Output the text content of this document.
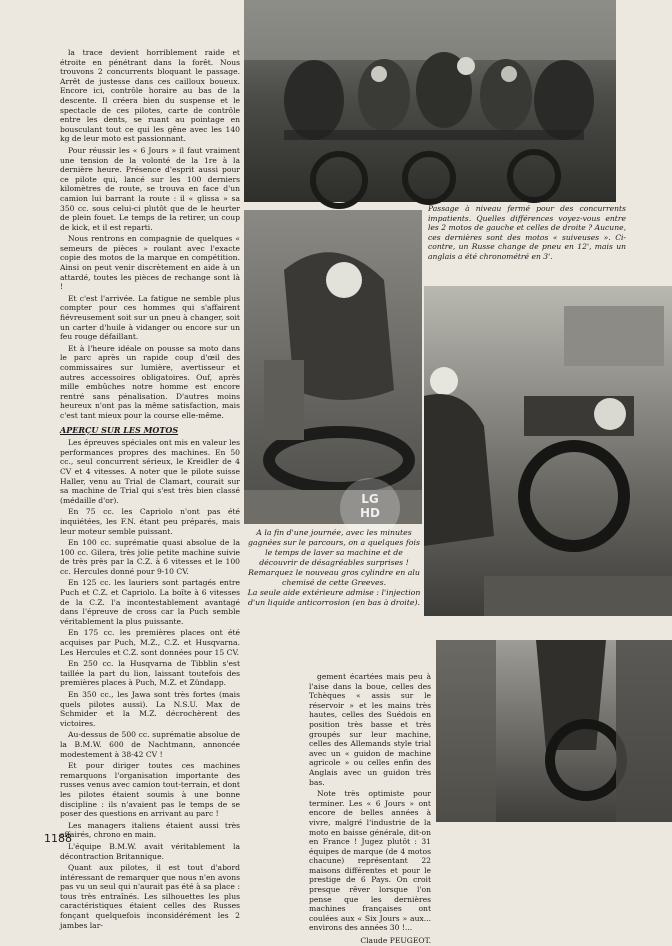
la trace devient horriblement raide et étroite en pénétrant dans la forêt. Nous trouvons 2 concurrents bloquant le passage. Arrêt de justesse dans ces cailloux boueux. Encore ici, contrôle horaire au bas de la descente. Il créera bien du suspense et le spectacle de ces pilotes, carte de contrôle entre les dents, se ruant au pointage en bousculant tout ce qui les gêne avec les 140 kg de leur moto est passionnant.

Pour réussir les « 6 Jours » il faut vraiment une tension de la volonté de la 1re à la dernière heure. Présence d'esprit aussi pour ce pilote qui, lancé sur les 100 derniers kilomètres de route, se trouva en face d'un camion lui barrant la route : il « glissa » sa 350 cc. sous celui-ci plutôt que de le heurter de plein fouet. Le temps de la retirer, un coup de kick, et il est reparti.

Nous rentrons en compagnie de quelques « semeurs de pièces » roulant avec l'exacte copie des motos de la marque en compétition. Ainsi on peut venir discrètement en aide à un attardé, toutes les pièces de rechange sont là !

Et c'est l'arrivée. La fatigue ne semble plus compter pour ces hommes qui s'affairent fiévreusement soit sur un pneu à changer, soit un carter d'huile à vidanger ou encore sur un feu rouge défaillant.

Et à l'heure idéale on pousse sa moto dans le parc après un rapide coup d'œil des commissaires sur lumière, avertisseur et autres accessoires obligatoires. Ouf, après mille embûches notre homme est encore rentré sans pénalisation. D'autres moins heureux n'ont pas la même satisfaction, mais c'est tant mieux pour la course elle-même.

APERÇU SUR LES MOTOS

Les épreuves spéciales ont mis en valeur les performances propres des machines. En 50 cc., seul concurrent sérieux, le Kreidler de 4 CV et 4 vitesses. A noter que le pilote suisse Haller, venu au Trial de Clamart, courait sur sa machine de Trial qui s'est très bien classé (médaille d'or).

En 75 cc. les Capriolo n'ont pas été inquiétées, les F.N. étant peu préparés, mais leur moteur semble puissant.

En 100 cc. suprématie quasi absolue de la 100 cc. Gilera, très jolie petite machine suivie de très près par la C.Z. à 6 vitesses et le 100 cc. Hercules donné pour 9-10 CV.

En 125 cc. les lauriers sont partagés entre Puch et C.Z. et Capriolo. La boîte à 6 vitesses de la C.Z. l'a incontestablement avantagé dans l'épreuve de cross car la Puch semble véritablement la plus puissante.

En 175 cc. les premières places ont été acquises par Puch, M.Z., C.Z. et Husqvarna. Les Hercules et C.Z. sont données pour 15 CV.

En 250 cc. la Husqvarna de Tibblin s'est taillée la part du lion, laissant toutefois des premières places à Puch, M.Z. et Zündapp.

En 350 cc., les Jawa sont très fortes (mais quels pilotes aussi). La N.S.U. Max de Schmider et la M.Z. décrochèrent des victoires.

Au-dessus de 500 cc. suprématie absolue de la B.M.W. 600 de Nachtmann, annoncée modestement à 38-42 CV !

Et pour diriger toutes ces machines remarquons l'organisation importante des russes venus avec camion tout-terrain, et dont les pilotes étaient soumis à une bonne discipline : ils n'avaient pas le temps de se poser des questions en arrivant au parc !

Les managers italiens étaient aussi très affairés, chrono en main.

L'équipe B.M.W. avait véritablement la décontraction Britannique.

Quant aux pilotes, il est tout d'abord intéressant de remarquer que nous n'en avons pas vu un seul qui n'aurait pas été à sa place : tous très entraînés. Les silhouettes les plus caractéristiques étaient celles des Russes fonçant quelquefois inconsidérément les 2 jambes lar-

Passage à niveau fermé pour des concurrents impatients. Quelles différences voyez-vous entre les 2 motos de gauche et celles de droite ? Aucune, ces dernières sont des motos « suiveuses ». Ci-contre, un Russe change de pneu en 12', mais un anglais a été chronométré en 3'.
LG
HD
A la fin d'une journée, avec les minutes gagnées sur le parcours, on a quelques fois le temps de laver sa machine et de découvrir de désagréables surprises ! Remarquez le nouveau gros cylindre en alu chemisé de cette Greeves.
La seule aide extérieure admise : l'injection d'un liquide anticorrosion (en bas à droite).

gement écartées mais peu à l'aise dans la boue, celles des Tchèques « assis sur le réservoir » et les mains très hautes, celles des Suédois en position très basse et très groupés sur leur machine, celles des Allemands style trial avec un « guidon de machine agricole » ou celles enfin des Anglais avec un guidon très bas.

Note très optimiste pour terminer. Les « 6 Jours » ont encore de belles années à vivre, malgré l'industrie de la moto en baisse générale, dit-on en France ! Jugez plutôt : 31 équipes de marque (de 4 motos chacune) représentant 22 maisons différentes et pour le prestige de 6 Pays. On croit presque rêver lorsque l'on pense que les dernières machines françaises ont coulées aux « Six Jours » aux... environs des années 30 !...

Claude PEUGEOT.
1188
